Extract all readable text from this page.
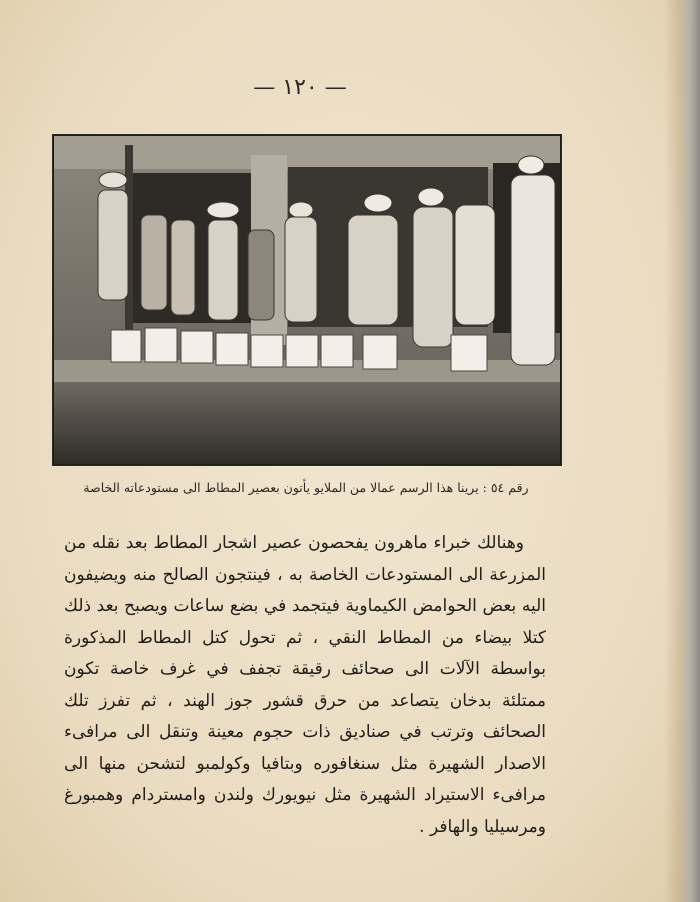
— ١٢٠ —
رقم ٥٤ : يرينا هذا الرسم عمالا من الملايو يأتون بعصير المطاط الى مستودعاته الخاصة

وهنالك خبراء ماهرون يفحصون عصير اشجار المطاط بعد نقله من المزرعة الى المستودعات الخاصة به ، فينتجون الصالح منه ويضيفون اليه بعض الحوامض الكيماوية فيتجمد في بضع ساعات ويصبح بعد ذلك كتلا بيضاء من المطاط النقي ، ثم تحول كتل المطاط المذكورة بواسطة الآلات الى صحائف رقيقة تجفف في غرف خاصة تكون ممتلئة بدخان يتصاعد من حرق قشور جوز الهند ، ثم تفرز تلك الصحائف وترتب في صناديق ذات حجوم معينة وتنقل الى مرافىء الاصدار الشهيرة مثل سنغافوره وبتافيا وكولمبو لتشحن منها الى مرافىء الاستيراد الشهيرة مثل نيويورك ولندن وامستردام وهمبورغ ومرسيليا والهافر .
